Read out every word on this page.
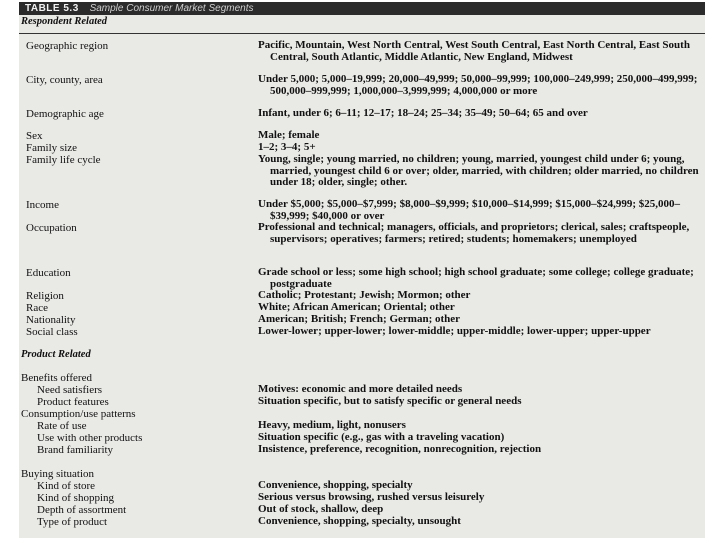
TABLE 5.3 Sample Consumer Market Segments
Respondent Related
Geographic region	Pacific, Mountain, West North Central, West South Central, East North Central, East South Central, South Atlantic, Middle Atlantic, New England, Midwest
City, county, area	Under 5,000; 5,000–19,999; 20,000–49,999; 50,000–99,999; 100,000–249,999; 250,000–499,999; 500,000–999,999; 1,000,000–3,999,999; 4,000,000 or more
Demographic age	Infant, under 6; 6–11; 12–17; 18–24; 25–34; 35–49; 50–64; 65 and over
Sex	Male; female
Family size	1–2; 3–4; 5+
Family life cycle	Young, single; young married, no children; young, married, youngest child under 6; young, married, youngest child 6 or over; older, married, with children; older married, no children under 18; older, single; other.
Income	Under $5,000; $5,000–$7,999; $8,000–$9,999; $10,000–$14,999; $15,000–$24,999; $25,000–$39,999; $40,000 or over
Occupation	Professional and technical; managers, officials, and proprietors; clerical, sales; craftspeople, supervisors; operatives; farmers; retired; students; homemakers; unemployed
Education	Grade school or less; some high school; high school graduate; some college; college graduate; postgraduate
Religion	Catholic; Protestant; Jewish; Mormon; other
Race	White; African American; Oriental; other
Nationality	American; British; French; German; other
Social class	Lower-lower; upper-lower; lower-middle; upper-middle; lower-upper; upper-upper
Product Related
Benefits offered
Need satisfiers	Motives: economic and more detailed needs
Product features	Situation specific, but to satisfy specific or general needs
Consumption/use patterns
Rate of use	Heavy, medium, light, nonusers
Use with other products	Situation specific (e.g., gas with a traveling vacation)
Brand familiarity	Insistence, preference, recognition, nonrecognition, rejection
Buying situation
Kind of store	Convenience, shopping, specialty
Kind of shopping	Serious versus browsing, rushed versus leisurely
Depth of assortment	Out of stock, shallow, deep
Type of product	Convenience, shopping, specialty, unsought
